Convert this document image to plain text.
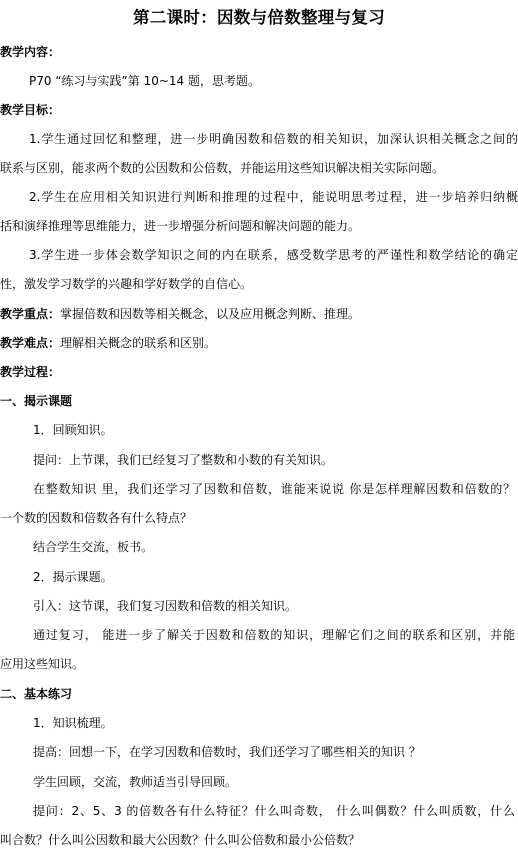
第二课时：因数与倍数整理与复习
教学内容：
P70 “练习与实践”第 10~14 题，思考题。
教学目标：
1.学生通过回忆和整理，进一步明确因数和倍数的相关知识，加深认识相关概念之间的
联系与区别，能求两个数的公因数和公倍数，并能运用这些知识解决相关实际问题。
2.学生在应用相关知识进行判断和推理的过程中，能说明思考过程，进一步培养归纳概
括和演绎推理等思维能力，进一步增强分析问题和解决问题的能力。
3.学生进一步体会数学知识之间的内在联系，感受数学思考的严谨性和数学结论的确定
性，激发学习数学的兴趣和学好数学的自信心。
教学重点：掌握倍数和因数等相关概念，以及应用概念判断、推理。
教学难点：理解相关概念的联系和区别。
教学过程：
一、揭示课题
1．回顾知识。
提问：上节课，我们已经复习了整数和小数的有关知识。
在整数知识 里，我们还学习了因数和倍数，谁能来说说 你是怎样理解因数和倍数的？
一个数的因数和倍数各有什么特点？
结合学生交流，板书。
2．揭示课题。
引入：这节课，我们复习因数和倍数的相关知识。
通过复习， 能进一步了解关于因数和倍数的知识，理解它们之间的联系和区别，并能
应用这些知识。
二、基本练习
1．知识梳理。
提高：回想一下，在学习因数和倍数时，我们还学习了哪些相关的知识 ？
学生回顾，交流，教师适当引导回顾。
提问：2、5、3 的倍数各有什么特征？什么叫奇数， 什么叫偶数？什么叫质数，什么
叫合数？什么叫公因数和最大公因数？什么叫公倍数和最小公倍数？
